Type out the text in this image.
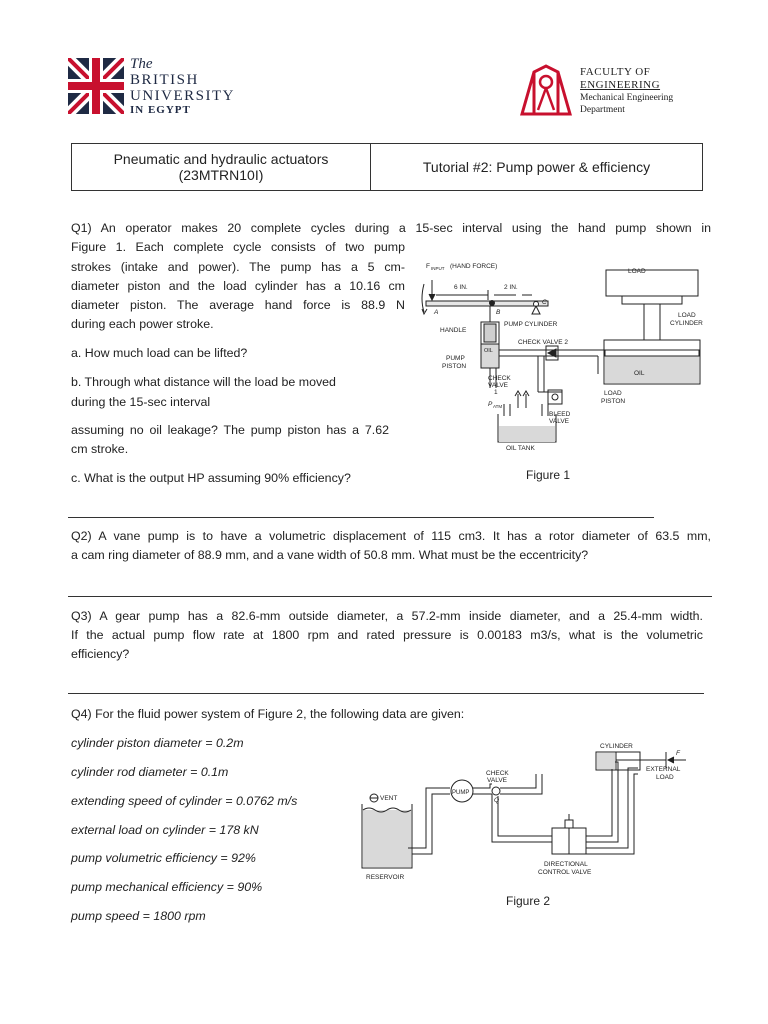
The
BRITISH
UNIVERSITY
IN EGYPT
FACULTY OF
ENGINEERING
Mechanical Engineering
Department
Pneumatic and hydraulic actuators
(23MTRN10I)	Tutorial #2: Pump power & efficiency
Q1) An operator makes 20 complete cycles during a 15-sec interval using the hand pump shown in
Figure 1. Each complete cycle consists of two pump
strokes (intake and power). The pump has a 5 cm-
diameter piston and the load cylinder has a 10.16 cm
diameter piston. The average hand force is 88.9 N
during each power stroke.
a. How much load can be lifted?
b. Through what distance will the load be moved
during the 15-sec interval
assuming no oil leakage? The pump piston has a 7.62
cm stroke.
c. What is the output HP assuming 90% efficiency?
F INPUT (HAND FORCE)
6 IN.	2 IN.
A	B
C
HANDLE
PUMP CYLINDER
OIL
CHECK VALVE 2
PUMP
PISTON
CHECK
VALVE
1
P ATM
BLEED
VALVE
OIL TANK
LOAD
LOAD
CYLINDER
LOAD
PISTON
OIL
Figure 1
Q2) A vane pump is to have a volumetric displacement of 115 cm3. It has a rotor diameter of 63.5 mm,
a cam ring diameter of 88.9 mm, and a vane width of 50.8 mm. What must be the eccentricity?
Q3) A gear pump has a 82.6-mm outside diameter, a 57.2-mm inside diameter, and a 25.4-mm width.
If the actual pump flow rate at 1800 rpm and rated pressure is 0.00183 m3/s, what is the volumetric
efficiency?
Q4) For the fluid power system of Figure 2, the following data are given:
cylinder piston diameter = 0.2m
cylinder rod diameter = 0.1m
extending speed of cylinder = 0.0762 m/s
external load on cylinder = 178 kN
pump volumetric efficiency = 92%
pump mechanical efficiency = 90%
pump speed = 1800 rpm
CYLINDER
F
EXTERNAL
LOAD
CHECK
VALVE
VENT
PUMP
Q
RESERVOIR
DIRECTIONAL
CONTROL VALVE
Figure 2
